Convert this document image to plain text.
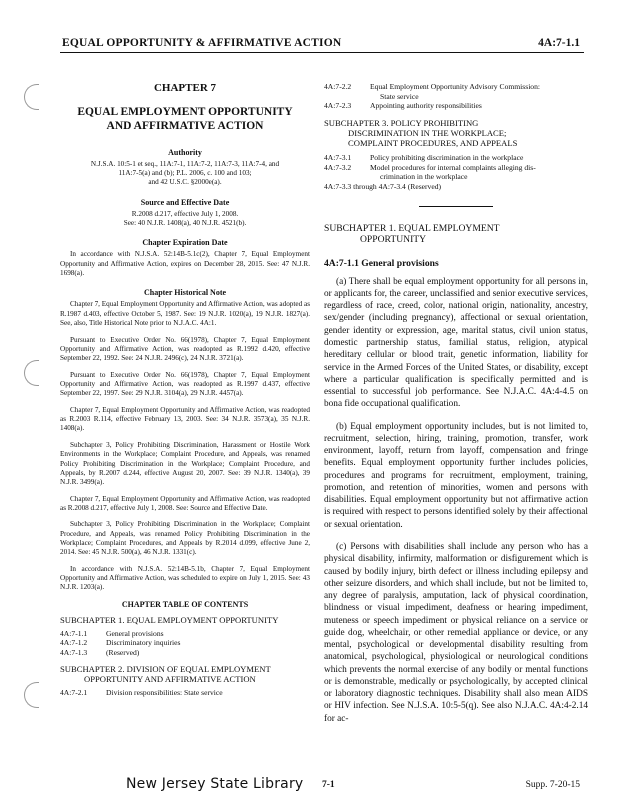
EQUAL OPPORTUNITY & AFFIRMATIVE ACTION	4A:7-1.1
CHAPTER 7
EQUAL EMPLOYMENT OPPORTUNITY
AND AFFIRMATIVE ACTION
Authority

N.J.S.A. 10:5-1 et seq., 11A:7-1, 11A:7-2, 11A:7-3, 11A:7-4, and

11A:7-5(a) and (b); P.L. 2006, c. 100 and 103;

and 42 U.S.C. §2000e(a).

Source and Effective Date

R.2008 d.217, effective July 1, 2008.

See: 40 N.J.R. 1408(a), 40 N.J.R. 4521(b).

Chapter Expiration Date

In accordance with N.J.S.A. 52:14B-5.1c(2), Chapter 7, Equal Employment Opportunity and Affirmative Action, expires on December 28, 2015. See: 47 N.J.R. 1698(a).

Chapter Historical Note

Chapter 7, Equal Employment Opportunity and Affirmative Action, was adopted as R.1987 d.403, effective October 5, 1987. See: 19 N.J.R. 1020(a), 19 N.J.R. 1827(a). See, also, Title Historical Note prior to N.J.A.C. 4A:1.

Pursuant to Executive Order No. 66(1978), Chapter 7, Equal Employment Opportunity and Affirmative Action, was readopted as R.1992 d.420, effective September 22, 1992. See: 24 N.J.R. 2496(c), 24 N.J.R. 3721(a).

Pursuant to Executive Order No. 66(1978), Chapter 7, Equal Employment Opportunity and Affirmative Action, was readopted as R.1997 d.437, effective September 22, 1997. See: 29 N.J.R. 3104(a), 29 N.J.R. 4457(a).

Chapter 7, Equal Employment Opportunity and Affirmative Action, was readopted as R.2003 R.114, effective February 13, 2003. See: 34 N.J.R. 3573(a), 35 N.J.R. 1408(a).

Subchapter 3, Policy Prohibiting Discrimination, Harassment or Hostile Work Environments in the Workplace; Complaint Procedure, and Appeals, was renamed Policy Prohibiting Discrimination in the Workplace; Complaint Procedure, and Appeals, by R.2007 d.244, effective August 20, 2007. See: 39 N.J.R. 1340(a), 39 N.J.R. 3499(a).

Chapter 7, Equal Employment Opportunity and Affirmative Action, was readopted as R.2008 d.217, effective July 1, 2008. See: Source and Effective Date.

Subchapter 3, Policy Prohibiting Discrimination in the Workplace; Complaint Procedure, and Appeals, was renamed Policy Prohibiting Discrimination in the Workplace; Complaint Procedures, and Appeals by R.2014 d.099, effective June 2, 2014. See: 45 N.J.R. 500(a), 46 N.J.R. 1331(c).

In accordance with N.J.S.A. 52:14B-5.1b, Chapter 7, Equal Employment Opportunity and Affirmative Action, was scheduled to expire on July 1, 2015. See: 43 N.J.R. 1203(a).

CHAPTER TABLE OF CONTENTS
SUBCHAPTER 1. EQUAL EMPLOYMENT OPPORTUNITY
4A:7-1.1	General provisions
4A:7-1.2	Discriminatory inquiries
4A:7-1.3	(Reserved)
SUBCHAPTER 2. DIVISION OF EQUAL EMPLOYMENT
OPPORTUNITY AND AFFIRMATIVE ACTION
4A:7-2.1	Division responsibilities: State service
4A:7-2.2	Equal Employment Opportunity Advisory Commission:
State service
4A:7-2.3	Appointing authority responsibilities
SUBCHAPTER 3. POLICY PROHIBITING
DISCRIMINATION IN THE WORKPLACE;
COMPLAINT PROCEDURES, AND APPEALS
4A:7-3.1	Policy prohibiting discrimination in the workplace
4A:7-3.2	Model procedures for internal complaints alleging dis-
crimination in the workplace
4A:7-3.3 through 4A:7-3.4 (Reserved)
SUBCHAPTER 1. EQUAL EMPLOYMENT
OPPORTUNITY
4A:7-1.1 General provisions

(a) There shall be equal employment opportunity for all persons in, or applicants for, the career, unclassified and senior executive services, regardless of race, creed, color, national origin, nationality, ancestry, sex/gender (including pregnancy), affectional or sexual orientation, gender identity or expression, age, marital status, civil union status, domestic partnership status, familial status, religion, atypical hereditary cellular or blood trait, genetic information, liability for service in the Armed Forces of the United States, or disability, except where a particular qualification is specifically permitted and is essential to successful job performance. See N.J.A.C. 4A:4-4.5 on bona fide occupational qualification.

(b) Equal employment opportunity includes, but is not limited to, recruitment, selection, hiring, training, promotion, transfer, work environment, layoff, return from layoff, compensation and fringe benefits. Equal employment opportunity further includes policies, procedures and programs for recruitment, employment, training, promotion, and retention of minorities, women and persons with disabilities. Equal employment opportunity but not affirmative action is required with respect to persons identified solely by their affectional or sexual orientation.

(c) Persons with disabilities shall include any person who has a physical disability, infirmity, malformation or disfigurement which is caused by bodily injury, birth defect or illness including epilepsy and other seizure disorders, and which shall include, but not be limited to, any degree of paralysis, amputation, lack of physical coordination, blindness or visual impediment, deafness or hearing impediment, muteness or speech impediment or physical reliance on a service or guide dog, wheelchair, or other remedial appliance or device, or any mental, psychological or developmental disability resulting from anatomical, psychological, physiological or neurological conditions which prevents the normal exercise of any bodily or mental functions or is demonstrable, medically or psychologically, by accepted clinical or laboratory diagnostic techniques. Disability shall also mean AIDS or HIV infection. See N.J.S.A. 10:5-5(q). See also N.J.A.C. 4A:4-2.14 for ac-

New Jersey State Library 7-1	Supp. 7-20-15
